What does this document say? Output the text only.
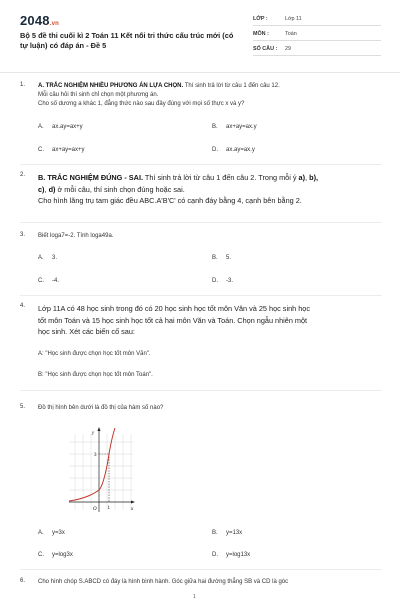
2048.vn
Bộ 5 đề thi cuối kì 2 Toán 11 Kết nối tri thức cấu trúc mới (có tự luận) có đáp án - Đề 5
LỚP :	Lớp 11
MÔN :	Toán
SỐ CÂU : 29
1. A. TRẮC NGHIỆM NHIỀU PHƯƠNG ÁN LỰA CHỌN. Thí sinh trả lời từ câu 1 đến câu 12.
Mỗi câu hỏi thí sinh chỉ chọn một phương án.
Cho số dương a khác 1, đẳng thức nào sau đây đúng với mọi số thực x và y?
A. ax.ay=ax+y	B. ax+ay=ax.y
C. ax+ay=ax+y	D. ax.ay=ax.y
2. B. TRẮC NGHIỆM ĐÚNG - SAI. Thí sinh trả lời từ câu 1 đến câu 2. Trong mỗi ý a), b),
c), d) ở mỗi câu, thí sinh chọn đúng hoặc sai.
Cho hình lăng trụ tam giác đều ABC.A'B'C' có cạnh đáy bằng 4, cạnh bên bằng 2.
3. Biết loga7=-2. Tính loga49a.
A. 3.	B. 5.
C. -4.	D. -3.
4. Lớp 11A có 48 học sinh trong đó có 20 học sinh học tốt môn Văn và 25 học sinh học
tốt môn Toán và 15 học sinh học tốt cả hai môn Văn và Toán. Chọn ngẫu nhiên một
học sinh. Xét các biến cố sau:
A: "Học sinh được chọn học tốt môn Văn".
B: "Học sinh được chọn học tốt môn Toán".
5. Đồ thị hình bên dưới là đồ thị của hàm số nào?
y
x
O 1
3
A. y=3x	B. y=13x
C. y=log3x	D. y=log13x
6. Cho hình chóp S.ABCD có đáy là hình bình hành. Góc giữa hai đường thẳng SB và CD là góc
1
